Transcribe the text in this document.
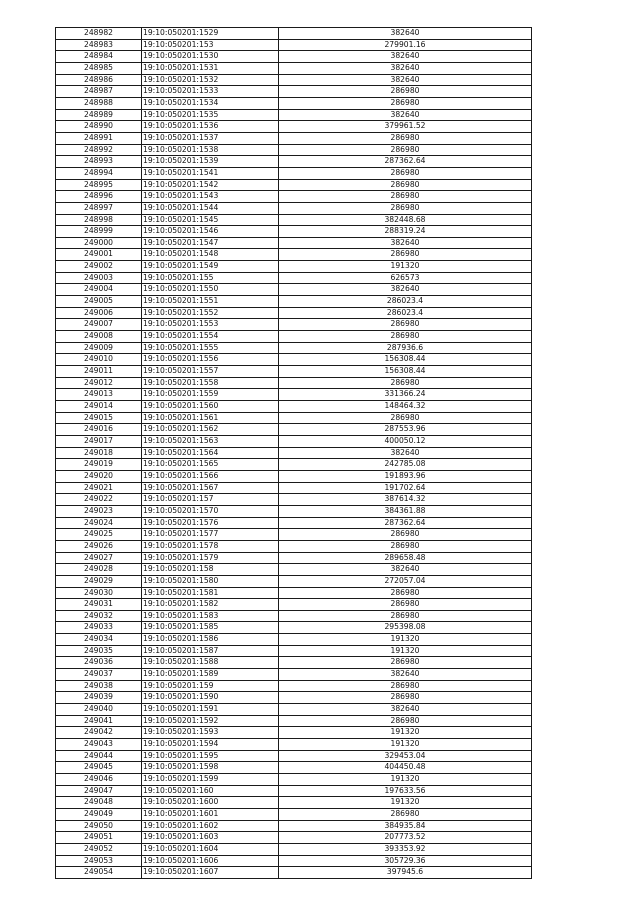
248982	19:10:050201:1529	382640
248983	19:10:050201:153	279901.16
248984	19:10:050201:1530	382640
248985	19:10:050201:1531	382640
248986	19:10:050201:1532	382640
248987	19:10:050201:1533	286980
248988	19:10:050201:1534	286980
248989	19:10:050201:1535	382640
248990	19:10:050201:1536	379961.52
248991	19:10:050201:1537	286980
248992	19:10:050201:1538	286980
248993	19:10:050201:1539	287362.64
248994	19:10:050201:1541	286980
248995	19:10:050201:1542	286980
248996	19:10:050201:1543	286980
248997	19:10:050201:1544	286980
248998	19:10:050201:1545	382448.68
248999	19:10:050201:1546	288319.24
249000	19:10:050201:1547	382640
249001	19:10:050201:1548	286980
249002	19:10:050201:1549	191320
249003	19:10:050201:155	626573
249004	19:10:050201:1550	382640
249005	19:10:050201:1551	286023.4
249006	19:10:050201:1552	286023.4
249007	19:10:050201:1553	286980
249008	19:10:050201:1554	286980
249009	19:10:050201:1555	287936.6
249010	19:10:050201:1556	156308.44
249011	19:10:050201:1557	156308.44
249012	19:10:050201:1558	286980
249013	19:10:050201:1559	331366.24
249014	19:10:050201:1560	148464.32
249015	19:10:050201:1561	286980
249016	19:10:050201:1562	287553.96
249017	19:10:050201:1563	400050.12
249018	19:10:050201:1564	382640
249019	19:10:050201:1565	242785.08
249020	19:10:050201:1566	191893.96
249021	19:10:050201:1567	191702.64
249022	19:10:050201:157	387614.32
249023	19:10:050201:1570	384361.88
249024	19:10:050201:1576	287362.64
249025	19:10:050201:1577	286980
249026	19:10:050201:1578	286980
249027	19:10:050201:1579	289658.48
249028	19:10:050201:158	382640
249029	19:10:050201:1580	272057.04
249030	19:10:050201:1581	286980
249031	19:10:050201:1582	286980
249032	19:10:050201:1583	286980
249033	19:10:050201:1585	295398.08
249034	19:10:050201:1586	191320
249035	19:10:050201:1587	191320
249036	19:10:050201:1588	286980
249037	19:10:050201:1589	382640
249038	19:10:050201:159	286980
249039	19:10:050201:1590	286980
249040	19:10:050201:1591	382640
249041	19:10:050201:1592	286980
249042	19:10:050201:1593	191320
249043	19:10:050201:1594	191320
249044	19:10:050201:1595	329453.04
249045	19:10:050201:1598	404450.48
249046	19:10:050201:1599	191320
249047	19:10:050201:160	197633.56
249048	19:10:050201:1600	191320
249049	19:10:050201:1601	286980
249050	19:10:050201:1602	384935.84
249051	19:10:050201:1603	207773.52
249052	19:10:050201:1604	393353.92
249053	19:10:050201:1606	305729.36
249054	19:10:050201:1607	397945.6
